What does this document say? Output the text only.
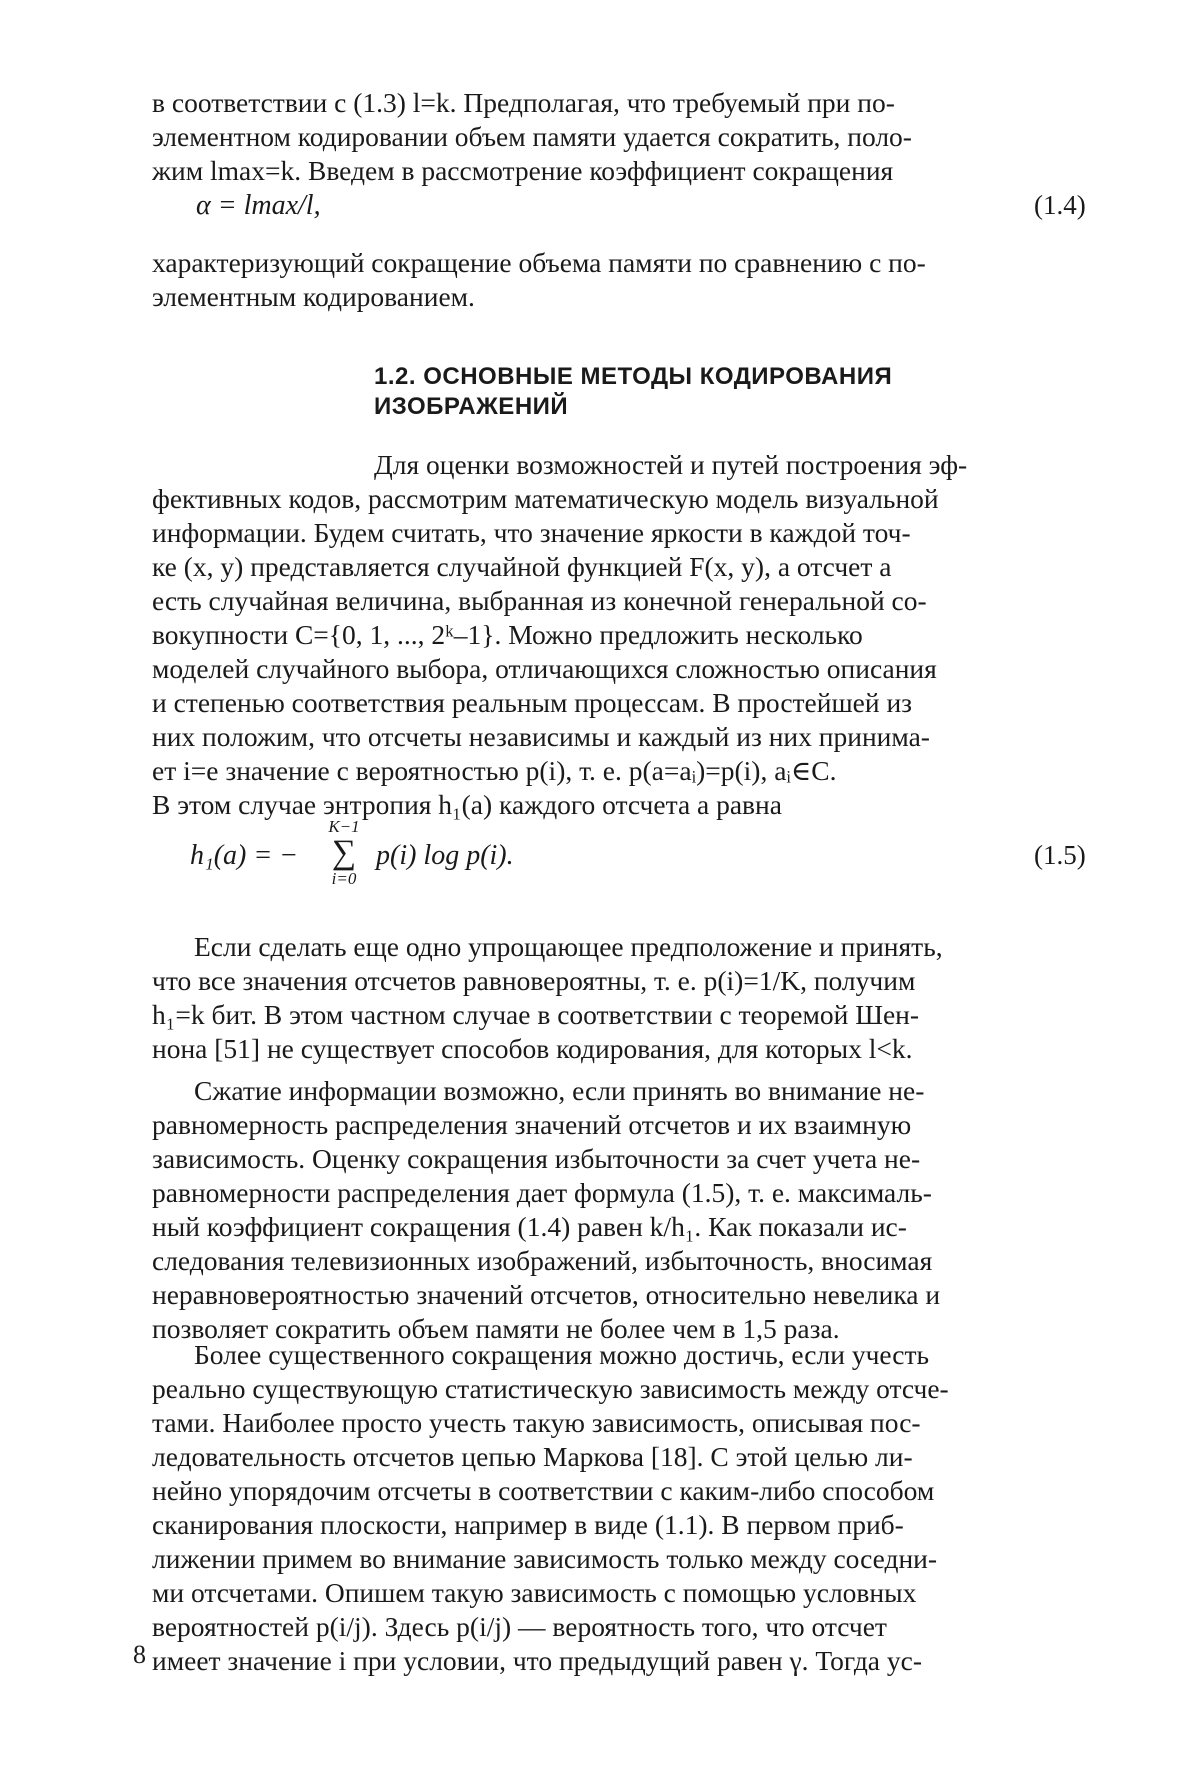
в соответствии с (1.3) l=k. Предполагая, что требуемый при по-

элементном кодировании объем памяти удается сократить, поло-

жим lmax=k. Введем в рассмотрение коэффициент сокращения

α = lmax/l,	(1.4)

характеризующий сокращение объема памяти по сравнению с по-

элементным кодированием.

1.2. ОСНОВНЫЕ МЕТОДЫ КОДИРОВАНИЯ
ИЗОБРАЖЕНИЙ

Для оценки возможностей и путей построения эф-

фективных кодов, рассмотрим математическую модель визуальной

информации. Будем считать, что значение яркости в каждой точ-

ке (x, y) представляется случайной функцией F(x, y), а отсчет a

есть случайная величина, выбранная из конечной генеральной со-

вокупности C={0, 1, ..., 2ᵏ–1}. Можно предложить несколько

моделей случайного выбора, отличающихся сложностью описания

и степенью соответствия реальным процессам. В простейшей из

них положим, что отсчеты независимы и каждый из них принима-

ет i=е значение с вероятностью p(i), т. е. p(a=aᵢ)=p(i), aᵢ∈C.

В этом случае энтропия h₁(a) каждого отсчета a равна

h₁(a) = −
K−1
∑
i=0
p(i) log p(i).	(1.5)

Если сделать еще одно упрощающее предположение и принять,

что все значения отсчетов равновероятны, т. е. p(i)=1/K, получим

h₁=k бит. В этом частном случае в соответствии с теоремой Шен-

нона [51] не существует способов кодирования, для которых l<k.

Сжатие информации возможно, если принять во внимание не-

равномерность распределения значений отсчетов и их взаимную

зависимость. Оценку сокращения избыточности за счет учета не-

равномерности распределения дает формула (1.5), т. е. максималь-

ный коэффициент сокращения (1.4) равен k/h₁. Как показали ис-

следования телевизионных изображений, избыточность, вносимая

неравновероятностью значений отсчетов, относительно невелика и

позволяет сократить объем памяти не более чем в 1,5 раза.

Более существенного сокращения можно достичь, если учесть

реально существующую статистическую зависимость между отсче-

тами. Наиболее просто учесть такую зависимость, описывая пос-

ледовательность отсчетов цепью Маркова [18]. С этой целью ли-

нейно упорядочим отсчеты в соответствии с каким-либо способом

сканирования плоскости, например в виде (1.1). В первом приб-

лижении примем во внимание зависимость только между соседни-

ми отсчетами. Опишем такую зависимость с помощью условных

вероятностей p(i/j). Здесь p(i/j) — вероятность того, что отсчет

имеет значение i при условии, что предыдущий равен γ. Тогда ус-

8
